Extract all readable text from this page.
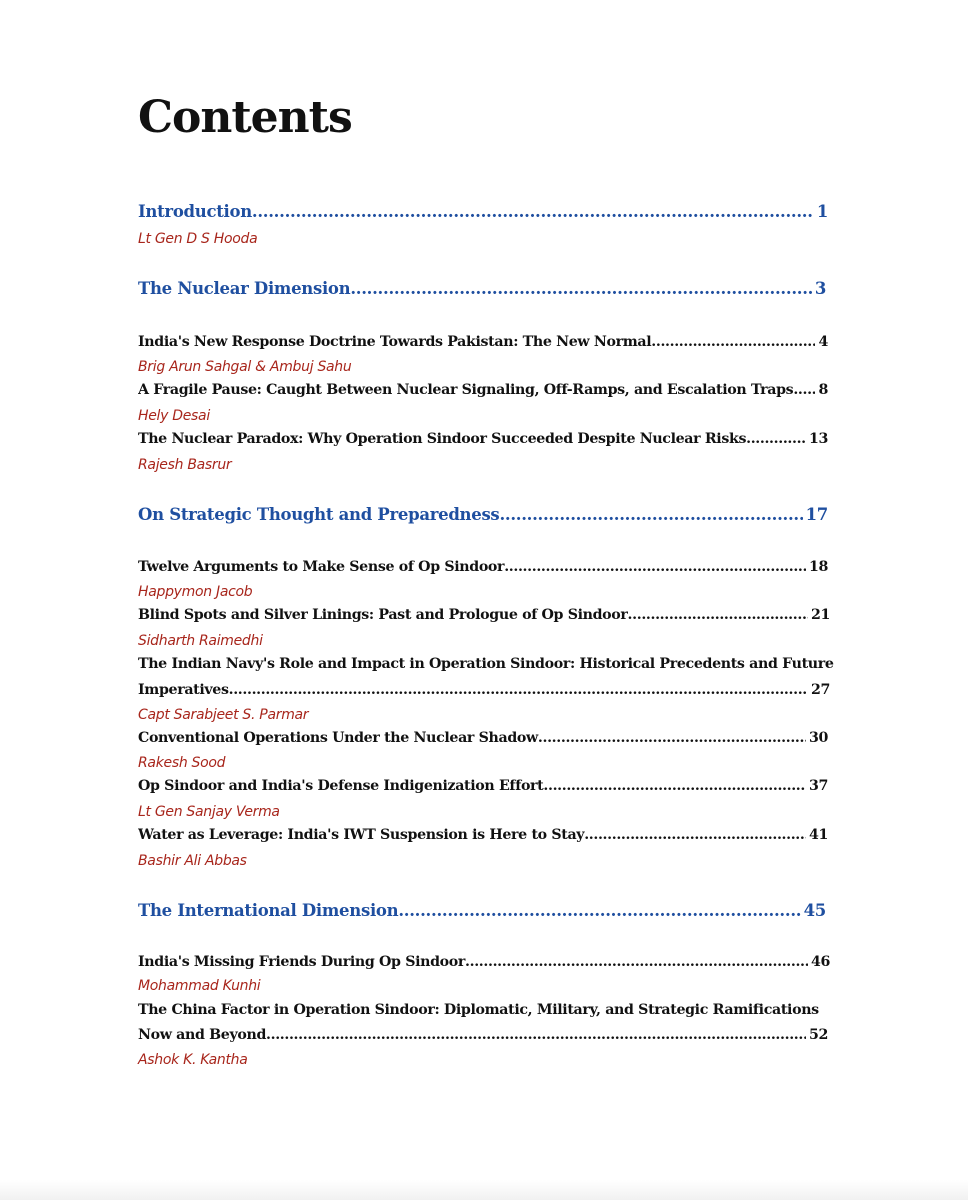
Contents
Introduction .....	1
Lt Gen D S Hooda
The Nuclear Dimension .....	3
India's New Response Doctrine Towards Pakistan: The New Normal .....	4
Brig Arun Sahgal & Ambuj Sahu
A Fragile Pause: Caught Between Nuclear Signaling, Off-Ramps, and Escalation Traps ..... 8
Hely Desai
The Nuclear Paradox: Why Operation Sindoor Succeeded Despite Nuclear Risks .....	13
Rajesh Basrur
On Strategic Thought and Preparedness .....	17
Twelve Arguments to Make Sense of Op Sindoor .....	18
Happymon Jacob
Blind Spots and Silver Linings: Past and Prologue of Op Sindoor .....	21
Sidharth Raimedhi
The Indian Navy's Role and Impact in Operation Sindoor: Historical Precedents and Future
Imperatives .....	27
Capt Sarabjeet S. Parmar
Conventional Operations Under the Nuclear Shadow .....	30
Rakesh Sood
Op Sindoor and India's Defense Indigenization Effort .....	37
Lt Gen Sanjay Verma
Water as Leverage: India's IWT Suspension is Here to Stay .....	41
Bashir Ali Abbas
The International Dimension .....	45
India's Missing Friends During Op Sindoor .....	46
Mohammad Kunhi
The China Factor in Operation Sindoor: Diplomatic, Military, and Strategic Ramifications
Now and Beyond .....	52
Ashok K. Kantha
